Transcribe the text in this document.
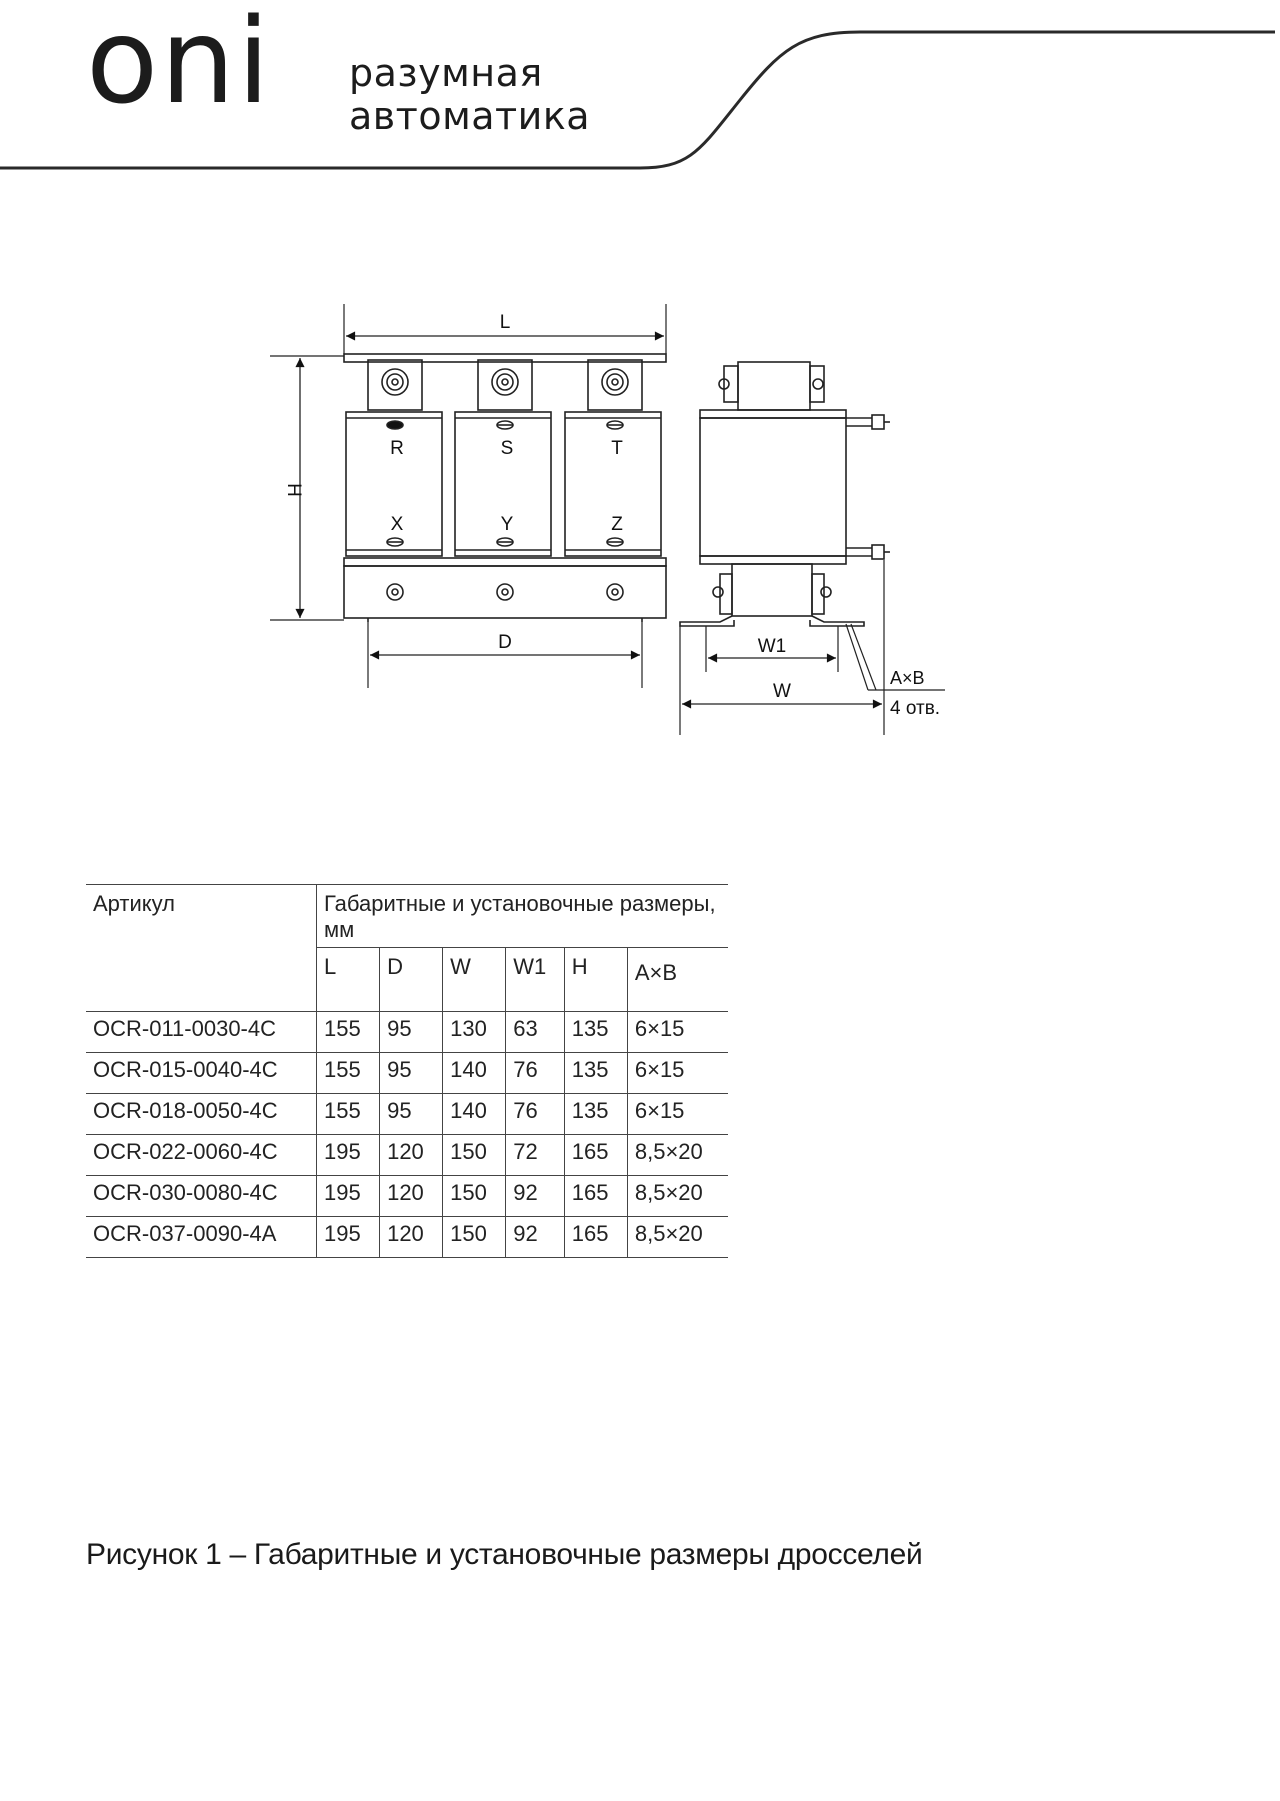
oni разумная
автоматика
L
H
D	W1
W
A×B
4 отв.
R	S	T
X	Y	Z
Артикул	Габаритные и установочные размеры, мм					
	L	D	W	W1	H	A×B
OCR-011-0030-4C	155	95	130	63	135	6×15
OCR-015-0040-4C	155	95	140	76	135	6×15
OCR-018-0050-4C	155	95	140	76	135	6×15
OCR-022-0060-4C	195	120	150	72	165	8,5×20
OCR-030-0080-4C	195	120	150	92	165	8,5×20
OCR-037-0090-4A	195	120	150	92	165	8,5×20
Рисунок 1 – Габаритные и установочные размеры дросселей
